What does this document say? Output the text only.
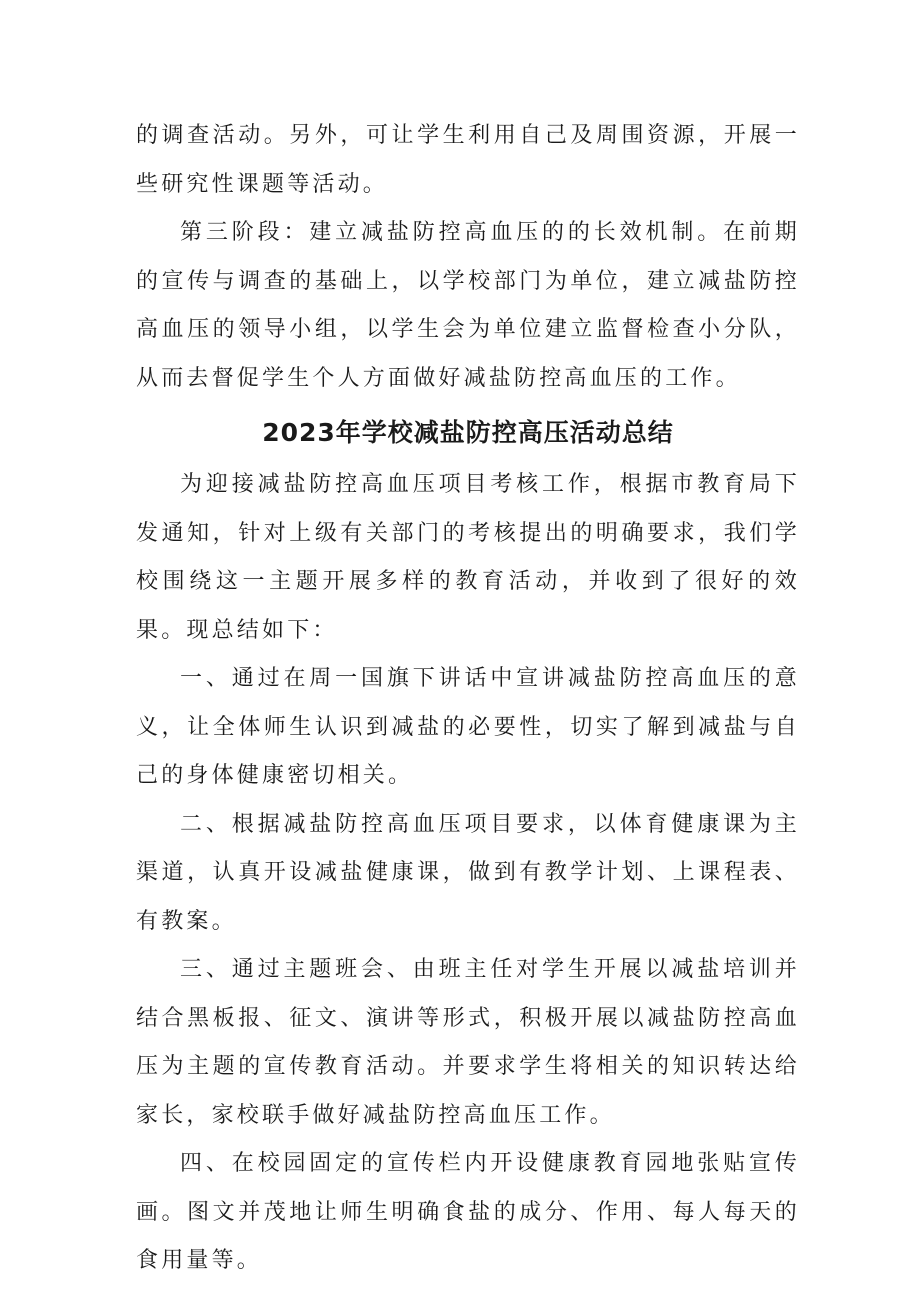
的调查活动。另外，可让学生利用自己及周围资源，开展一些研究性课题等活动。

第三阶段：建立减盐防控高血压的的长效机制。在前期的宣传与调查的基础上，以学校部门为单位，建立减盐防控高血压的领导小组，以学生会为单位建立监督检查小分队，从而去督促学生个人方面做好减盐防控高血压的工作。

2023年学校减盐防控高压活动总结

为迎接减盐防控高血压项目考核工作，根据市教育局下发通知，针对上级有关部门的考核提出的明确要求，我们学校围绕这一主题开展多样的教育活动，并收到了很好的效果。现总结如下：

一、通过在周一国旗下讲话中宣讲减盐防控高血压的意义，让全体师生认识到减盐的必要性，切实了解到减盐与自己的身体健康密切相关。

二、根据减盐防控高血压项目要求，以体育健康课为主渠道，认真开设减盐健康课，做到有教学计划、上课程表、有教案。

三、通过主题班会、由班主任对学生开展以减盐培训并结合黑板报、征文、演讲等形式，积极开展以减盐防控高血压为主题的宣传教育活动。并要求学生将相关的知识转达给家长，家校联手做好减盐防控高血压工作。

四、在校园固定的宣传栏内开设健康教育园地张贴宣传画。图文并茂地让师生明确食盐的成分、作用、每人每天的食用量等。
